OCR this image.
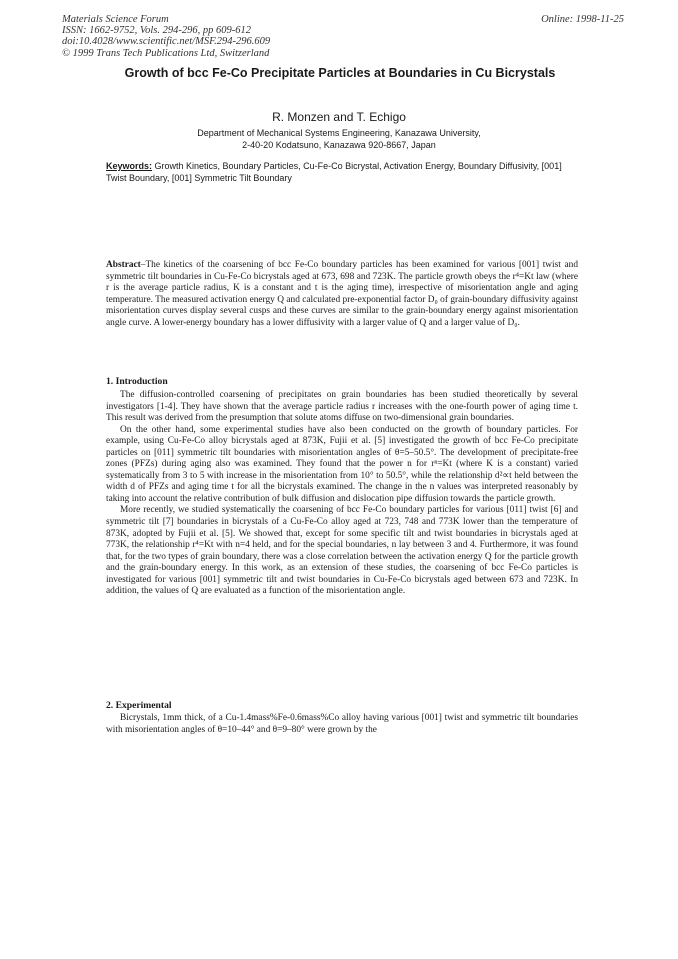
Materials Science Forum
ISSN: 1662-9752, Vols. 294-296, pp 609-612
doi:10.4028/www.scientific.net/MSF.294-296.609
© 1999 Trans Tech Publications Ltd, Switzerland
Online: 1998-11-25
Growth of bcc Fe-Co Precipitate Particles at Boundaries in Cu Bicrystals
R. Monzen and T. Echigo
Department of Mechanical Systems Engineering, Kanazawa University,
2-40-20 Kodatsuno, Kanazawa 920-8667, Japan
Keywords: Growth Kinetics, Boundary Particles, Cu-Fe-Co Bicrystal, Activation Energy, Boundary Diffusivity, [001] Twist Boundary, [001] Symmetric Tilt Boundary

Abstract–The kinetics of the coarsening of bcc Fe-Co boundary particles has been examined for various [001] twist and symmetric tilt boundaries in Cu-Fe-Co bicrystals aged at 673, 698 and 723K. The particle growth obeys the r⁴=Kt law (where r is the average particle radius, K is a constant and t is the aging time), irrespective of misorientation angle and aging temperature. The measured activation energy Q and calculated pre-exponential factor D₀ of grain-boundary diffusivity against misorientation curves display several cusps and these curves are similar to the grain-boundary energy against misorientation angle curve. A lower-energy boundary has a lower diffusivity with a larger value of Q and a larger value of D₀.

1. Introduction

The diffusion-controlled coarsening of precipitates on grain boundaries has been studied theoretically by several investigators [1-4]. They have shown that the average particle radius r increases with the one-fourth power of aging time t. This result was derived from the presumption that solute atoms diffuse on two-dimensional grain boundaries.

On the other hand, some experimental studies have also been conducted on the growth of boundary particles. For example, using Cu-Fe-Co alloy bicrystals aged at 873K, Fujii et al. [5] investigated the growth of bcc Fe-Co precipitate particles on [011] symmetric tilt boundaries with misorientation angles of θ=5–50.5°. The development of precipitate-free zones (PFZs) during aging also was examined. They found that the power n for rⁿ=Kt (where K is a constant) varied systematically from 3 to 5 with increase in the misorientation from 10° to 50.5°, while the relationship d²∝t held between the width d of PFZs and aging time t for all the bicrystals examined. The change in the n values was interpreted reasonably by taking into account the relative contribution of bulk diffusion and dislocation pipe diffusion towards the particle growth.

More recently, we studied systematically the coarsening of bcc Fe-Co boundary particles for various [011] twist [6] and symmetric tilt [7] boundaries in bicrystals of a Cu-Fe-Co alloy aged at 723, 748 and 773K lower than the temperature of 873K, adopted by Fujii et al. [5]. We showed that, except for some specific tilt and twist boundaries in bicrystals aged at 773K, the relationship r⁴=Kt with n=4 held, and for the special boundaries, n lay between 3 and 4. Furthermore, it was found that, for the two types of grain boundary, there was a close correlation between the activation energy Q for the particle growth and the grain-boundary energy. In this work, as an extension of these studies, the coarsening of bcc Fe-Co particles is investigated for various [001] symmetric tilt and twist boundaries in Cu-Fe-Co bicrystals aged between 673 and 723K. In addition, the values of Q are evaluated as a function of the misorientation angle.

2. Experimental

Bicrystals, 1mm thick, of a Cu-1.4mass%Fe-0.6mass%Co alloy having various [001] twist and symmetric tilt boundaries with misorientation angles of θ=10–44° and θ=9–80° were grown by the
